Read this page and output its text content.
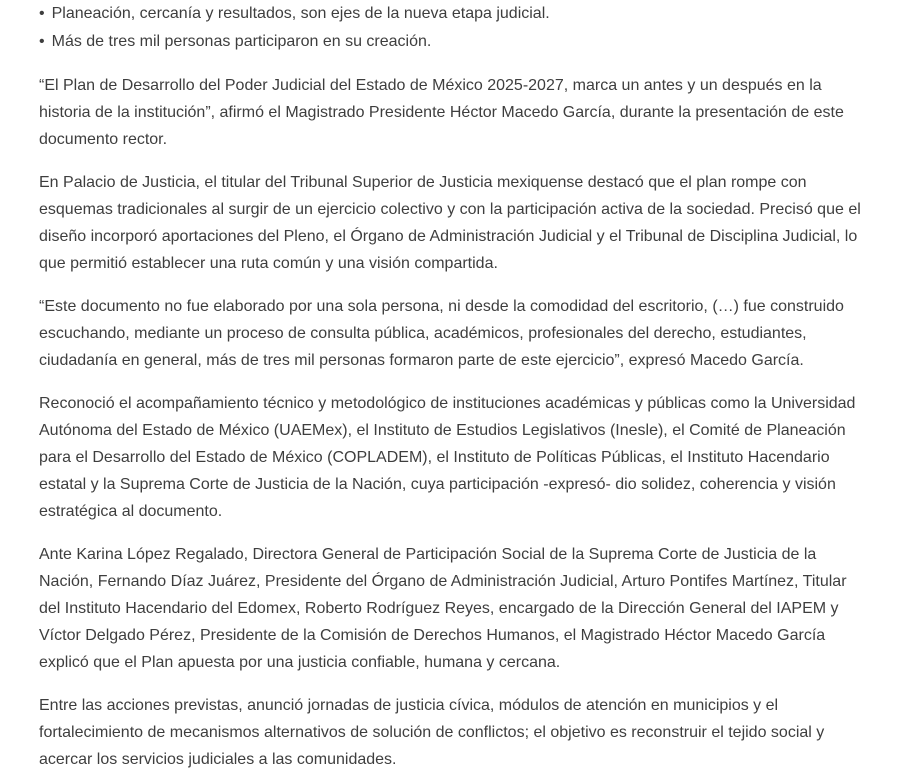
• Planeación, cercanía y resultados, son ejes de la nueva etapa judicial.
• Más de tres mil personas participaron en su creación.

“El Plan de Desarrollo del Poder Judicial del Estado de México 2025-2027, marca un antes y un después en la historia de la institución”, afirmó el Magistrado Presidente Héctor Macedo García, durante la presentación de este documento rector.

En Palacio de Justicia, el titular del Tribunal Superior de Justicia mexiquense destacó que el plan rompe con esquemas tradicionales al surgir de un ejercicio colectivo y con la participación activa de la sociedad. Precisó que el diseño incorporó aportaciones del Pleno, el Órgano de Administración Judicial y el Tribunal de Disciplina Judicial, lo que permitió establecer una ruta común y una visión compartida.

“Este documento no fue elaborado por una sola persona, ni desde la comodidad del escritorio, (…) fue construido escuchando, mediante un proceso de consulta pública, académicos, profesionales del derecho, estudiantes, ciudadanía en general, más de tres mil personas formaron parte de este ejercicio”, expresó Macedo García.

Reconoció el acompañamiento técnico y metodológico de instituciones académicas y públicas como la Universidad Autónoma del Estado de México (UAEMex), el Instituto de Estudios Legislativos (Inesle), el Comité de Planeación para el Desarrollo del Estado de México (COPLADEM), el Instituto de Políticas Públicas, el Instituto Hacendario estatal y la Suprema Corte de Justicia de la Nación, cuya participación -expresó- dio solidez, coherencia y visión estratégica al documento.

Ante Karina López Regalado, Directora General de Participación Social de la Suprema Corte de Justicia de la Nación, Fernando Díaz Juárez, Presidente del Órgano de Administración Judicial, Arturo Pontifes Martínez, Titular del Instituto Hacendario del Edomex, Roberto Rodríguez Reyes, encargado de la Dirección General del IAPEM y Víctor Delgado Pérez, Presidente de la Comisión de Derechos Humanos, el Magistrado Héctor Macedo García explicó que el Plan apuesta por una justicia confiable, humana y cercana.

Entre las acciones previstas, anunció jornadas de justicia cívica, módulos de atención en municipios y el fortalecimiento de mecanismos alternativos de solución de conflictos; el objetivo es reconstruir el tejido social y acercar los servicios judiciales a las comunidades.
